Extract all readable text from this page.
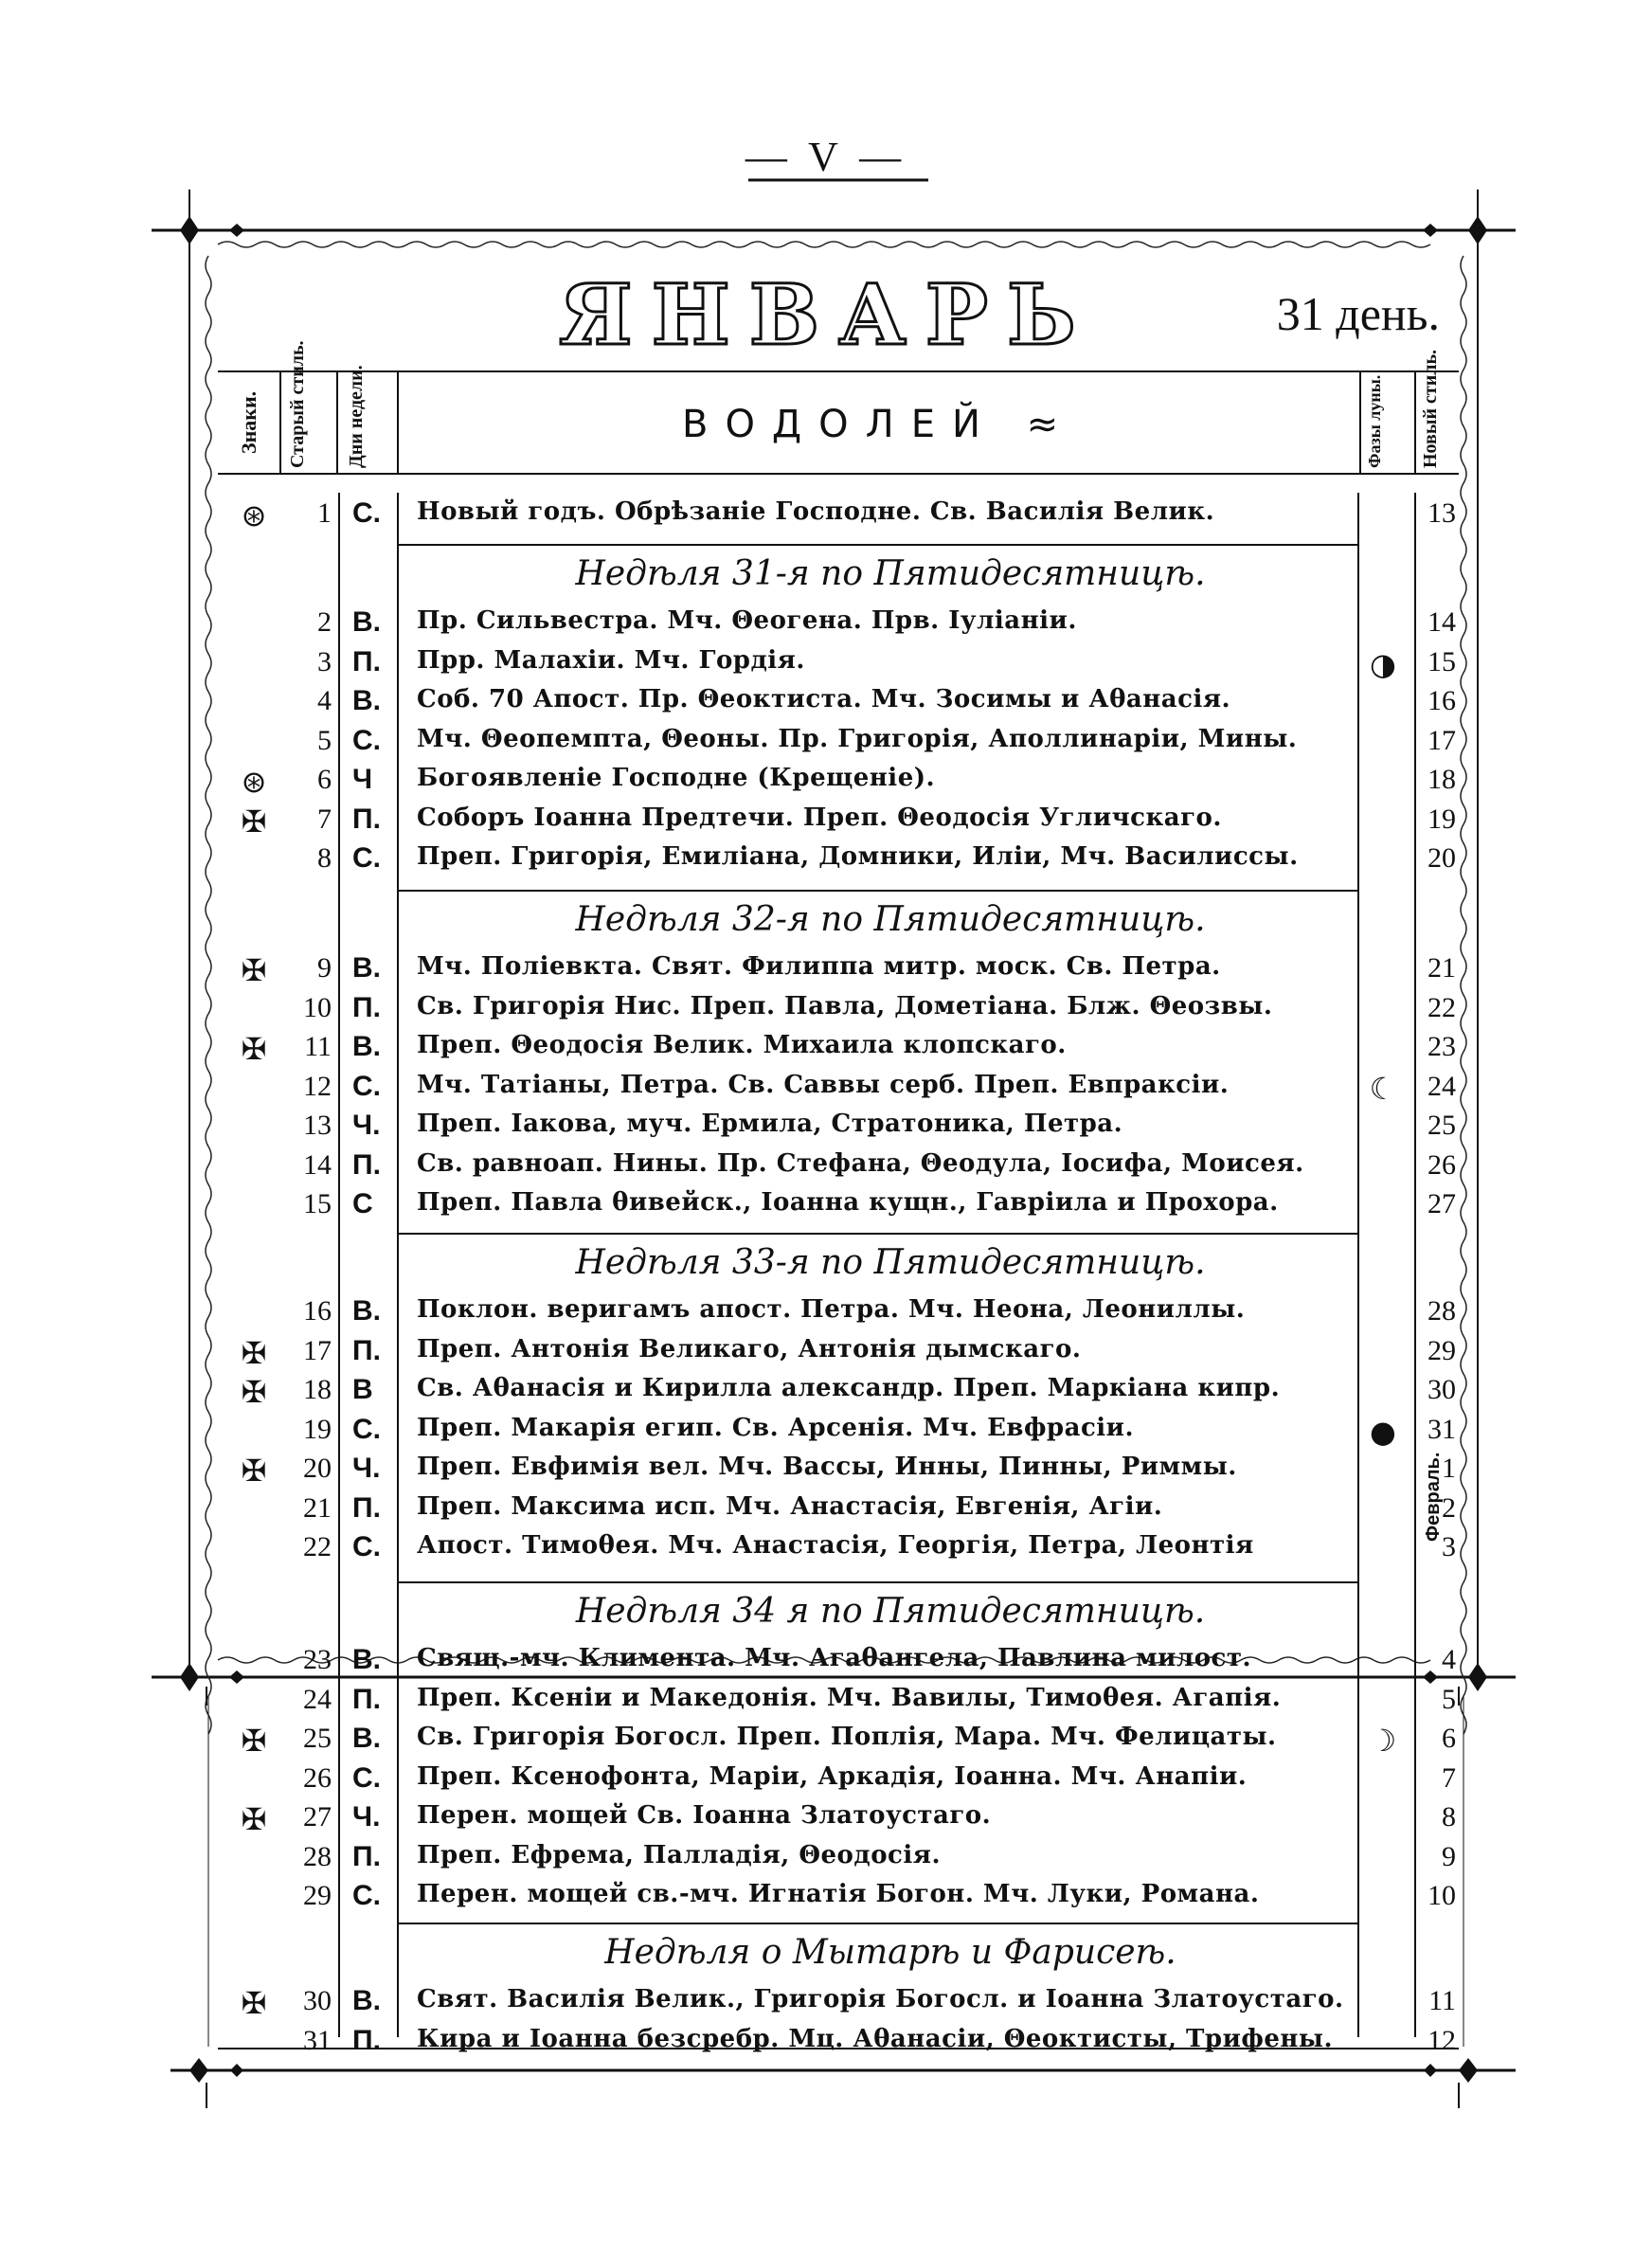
— V —
ЯНВАРЬ	31 день.
Знаки. Старый стиль. Дни недели.	ВОДОЛЕЙ ≈	Фазы луны. Новый стиль.
⊛	1 С.	Новый годъ. Обрѣзаніе Господне. Св. Василія Велик.	13
Недѣля 31-я по Пятидесятницѣ.
2 В.	Пр. Сильвестра. Мч. Θеогена. Прв. Іуліаніи.	14
3 П.	Прр. Малахіи. Мч. Гордія.	◑	15
4 В.	Соб. 70 Апост. Пр. Θеоктиста. Мч. Зосимы и Аθанасія.	16
5 С.	Мч. Θеопемпта, Θеоны. Пр. Григорія, Аполлинаріи, Мины.	17
⊛	6 Ч	Богоявленіе Господне (Крещеніе).	18
✠	7 П.	Соборъ Іоанна Предтечи. Преп. Θеодосія Угличскаго.	19
8 С.	Преп. Григорія, Емиліана, Домники, Иліи, Мч. Василиссы.	20
Недѣля 32-я по Пятидесятницѣ.
✠	9 В.	Мч. Поліевкта. Свят. Филиппа митр. моск. Св. Петра.	21
10 П.	Св. Григорія Нис. Преп. Павла, Дометіана. Блж. Θеозвы.	22
✠	11 В.	Преп. Θеодосія Велик. Михаила клопскаго.	23
12 С.	Мч. Татіаны, Петра. Св. Саввы серб. Преп. Евпраксіи.	☾	24
13 Ч.	Преп. Іакова, муч. Ермила, Стратоника, Петра.	25
14 П.	Св. равноап. Нины. Пр. Стефана, Θеодула, Іосифа, Моисея.	26
15 С	Преп. Павла θивейск., Іоанна кущн., Гавріила и Прохора.	27
Недѣля 33-я по Пятидесятницѣ.
16 В.	Поклон. веригамъ апост. Петра. Мч. Неона, Леониллы.	28
✠	17 П.	Преп. Антонія Великаго, Антонія дымскаго.	29
✠	18 В	Св. Аθанасія и Кирилла александр. Преп. Маркіана кипр.	30
19 С.	Преп. Макарія егип. Св. Арсенія. Мч. Евфрасіи.	●	31
✠	20 Ч.	Преп. Евфимія вел. Мч. Вассы, Инны, Пинны, Риммы.	1
21 П.	Преп. Максима исп. Мч. Анастасія, Евгенія, Агіи.	2
22 С.	Апост. Тимоθея. Мч. Анастасія, Георгія, Петра, Леонтія	3
Недѣля 34 я по Пятидесятницѣ.
23 В.	Свящ.-мч. Климента. Мч. Агаθангела, Павлина милост.	4
24 П.	Преп. Ксеніи и Македонія. Мч. Вавилы, Тимоθея. Агапія.	5
✠	25 В.	Св. Григорія Богосл. Преп. Поплія, Мара. Мч. Фелицаты.	☽	6
26 С.	Преп. Ксенофонта, Маріи, Аркадія, Іоанна. Мч. Анапіи.	7
✠	27 Ч.	Перен. мощей Св. Іоанна Златоустаго.	8
28 П.	Преп. Ефрема, Палладія, Θеодосія.	9
29 С.	Перен. мощей св.-мч. Игнатія Богон. Мч. Луки, Романа.	10
Недѣля о Мытарѣ и Фарисеѣ.
✠	30 В.	Свят. Василія Велик., Григорія Богосл. и Іоанна Златоустаго.	11
31 П.	Кира и Іоанна безсребр. Мц. Аθанасіи, Θеоктисты, Трифены.	12
Февраль.
